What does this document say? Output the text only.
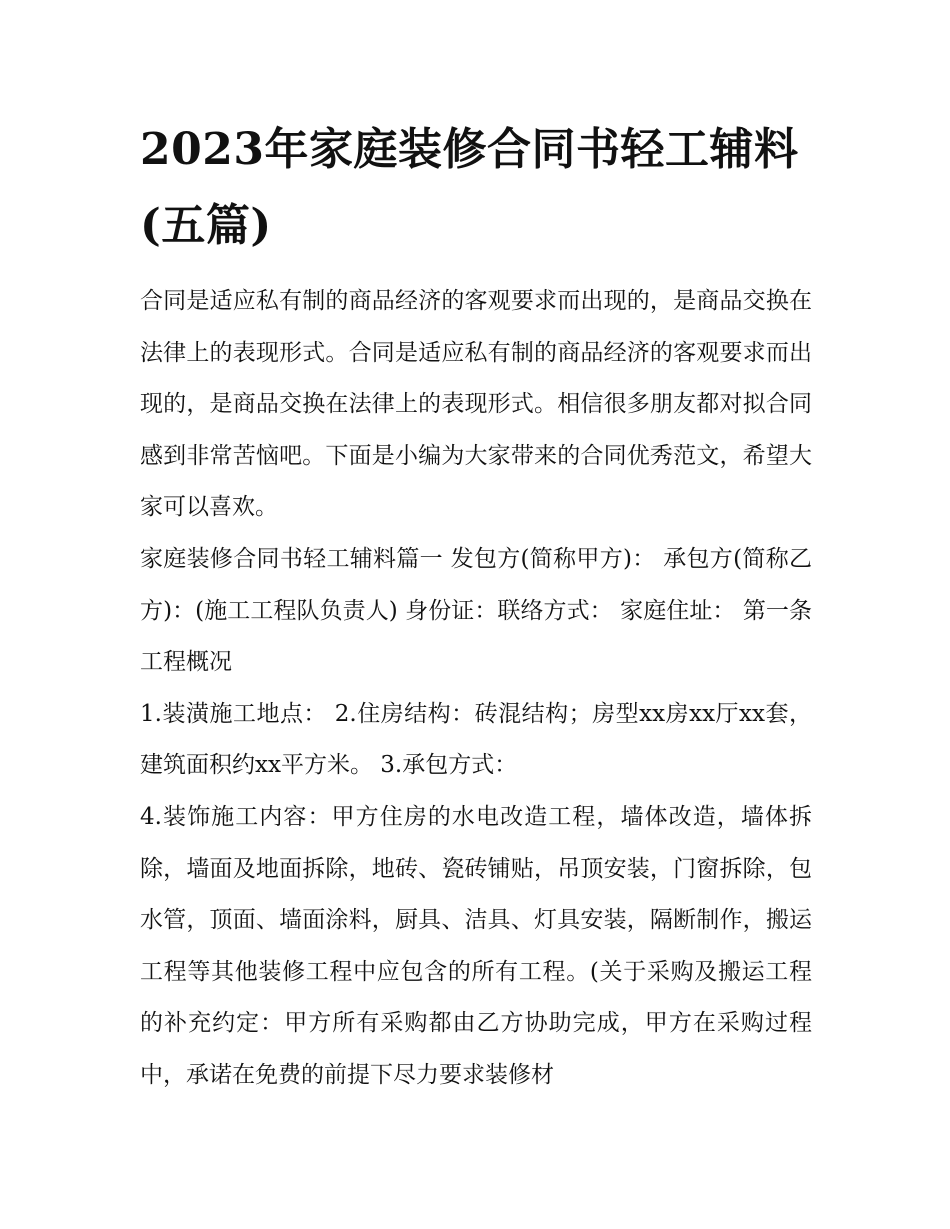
2023年家庭装修合同书轻工辅料(五篇)

合同是适应私有制的商品经济的客观要求而出现的，是商品交换在法律上的表现形式。合同是适应私有制的商品经济的客观要求而出现的，是商品交换在法律上的表现形式。相信很多朋友都对拟合同感到非常苦恼吧。下面是小编为大家带来的合同优秀范文，希望大家可以喜欢。

家庭装修合同书轻工辅料篇一 发包方(简称甲方)： 承包方(简称乙方)：(施工工程队负责人) 身份证：联络方式： 家庭住址： 第一条工程概况

1.装潢施工地点： 2.住房结构：砖混结构；房型xx房xx厅xx套，建筑面积约xx平方米。 3.承包方式：

4.装饰施工内容：甲方住房的水电改造工程，墙体改造，墙体拆除，墙面及地面拆除，地砖、瓷砖铺贴，吊顶安装，门窗拆除，包水管，顶面、墙面涂料，厨具、洁具、灯具安装，隔断制作，搬运工程等其他装修工程中应包含的所有工程。(关于采购及搬运工程的补充约定：甲方所有采购都由乙方协助完成，甲方在采购过程中，承诺在免费的前提下尽力要求装修材
